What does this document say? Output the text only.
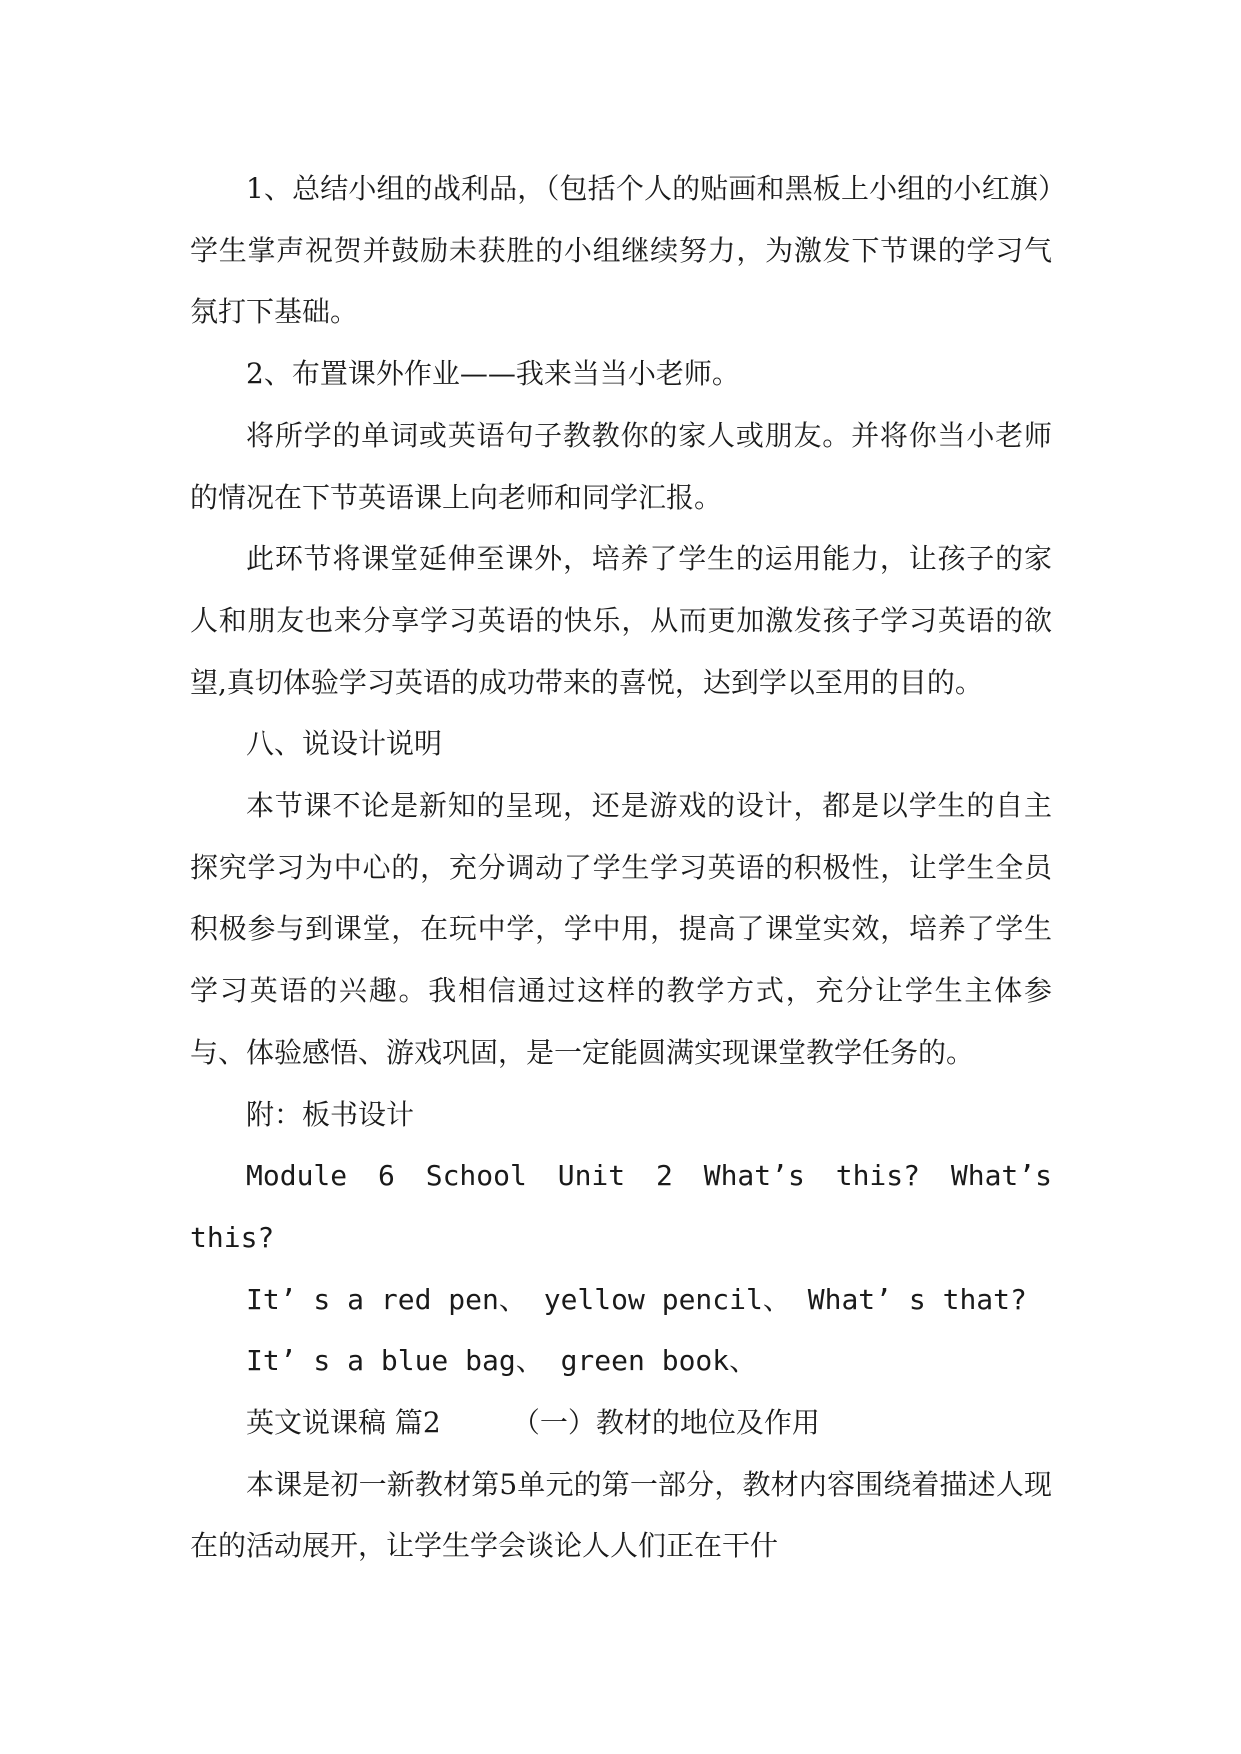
1、总结小组的战利品，（包括个人的贴画和黑板上小组的小红旗）学生掌声祝贺并鼓励未获胜的小组继续努力，为激发下节课的学习气氛打下基础。

2、布置课外作业——我来当当小老师。

将所学的单词或英语句子教教你的家人或朋友。并将你当小老师的情况在下节英语课上向老师和同学汇报。

此环节将课堂延伸至课外，培养了学生的运用能力，让孩子的家人和朋友也来分享学习英语的快乐，从而更加激发孩子学习英语的欲望,真切体验学习英语的成功带来的喜悦，达到学以至用的目的。

八、说设计说明

本节课不论是新知的呈现，还是游戏的设计，都是以学生的自主探究学习为中心的，充分调动了学生学习英语的积极性，让学生全员积极参与到课堂，在玩中学，学中用，提高了课堂实效，培养了学生学习英语的兴趣。我相信通过这样的教学方式，充分让学生主体参与、体验感悟、游戏巩固，是一定能圆满实现课堂教学任务的。

附：板书设计

Module 6 School Unit 2 What’s this? What’s this?

It’ s a red pen、 yellow pencil、 What’ s that?

It’ s a blue bag、 green book、

英文说课稿 篇2	（一）教材的地位及作用

本课是初一新教材第5单元的第一部分，教材内容围绕着描述人现在的活动展开，让学生学会谈论人人们正在干什
